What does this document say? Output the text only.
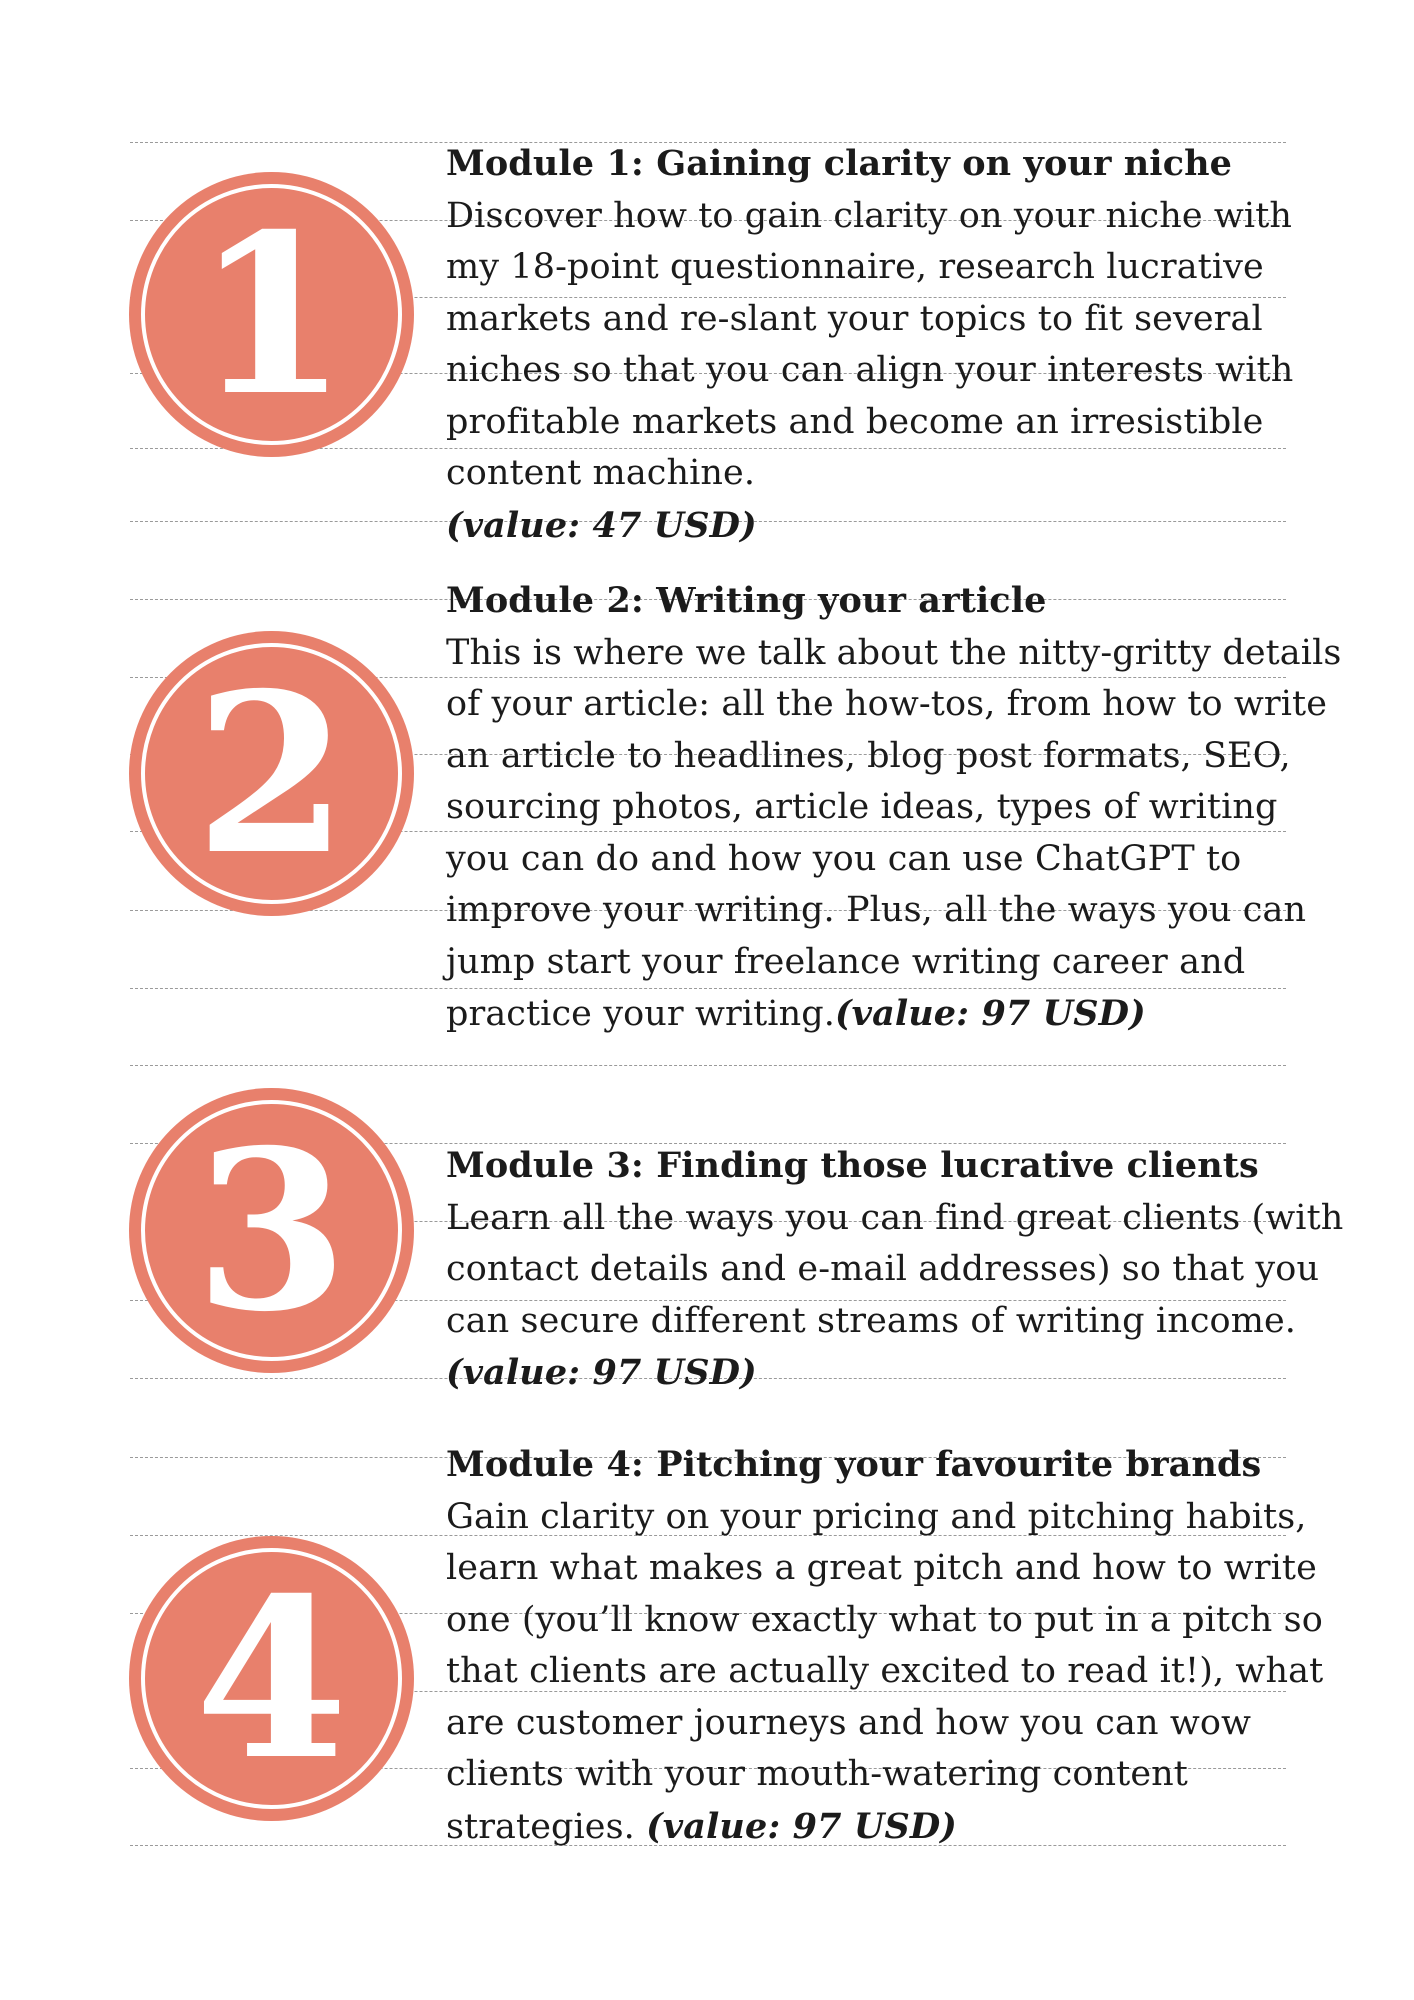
1

Module 1: Gaining clarity on your niche
Discover how to gain clarity on your niche with my 18-point questionnaire, research lucrative markets and re-slant your topics to fit several niches so that you can align your interests with profitable markets and become an irresistible content machine.
(value: 47 USD)

2

Module 2: Writing your article
This is where we talk about the nitty-gritty details of your article: all the how-tos, from how to write an article to headlines, blog post formats, SEO, sourcing photos, article ideas, types of writing you can do and how you can use ChatGPT to improve your writing. Plus, all the ways you can jump start your freelance writing career and practice your writing.(value: 97 USD)

3	Module 3: Finding those lucrative clients
Learn all the ways you can find great clients (with contact details and e-mail addresses) so that you can secure different streams of writing income. (value: 97 USD)

4

Module 4: Pitching your favourite brands
Gain clarity on your pricing and pitching habits, learn what makes a great pitch and how to write one (you’ll know exactly what to put in a pitch so that clients are actually excited to read it!), what are customer journeys and how you can wow clients with your mouth-watering content strategies. (value: 97 USD)
